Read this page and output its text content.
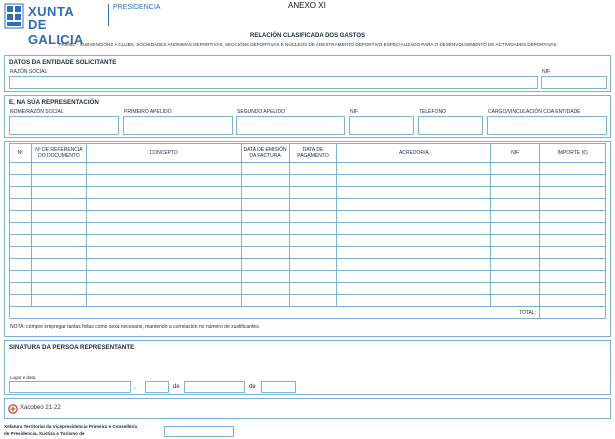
XUNTA
DE GALICIA
PRESIDENCIA	ANEXO XI
RELACIÓN CLASIFICADA DOS GASTOS
PR945C - SUBVENCIÓNS A CLUBS, SOCIEDADES ANÓNIMAS DEPORTIVAS, SECCIÓNS DEPORTIVAS E NÚCLEOS DE ADESTRAMENTO DEPORTIVO ESPECIALIZADO PARA O DESENVOLVEMENTO DE ACTIVIDADES DEPORTIVAS
DATOS DA ENTIDADE SOLICITANTE
RAZÓN SOCIAL	NIF
E, NA SÚA REPRESENTACIÓN
NOME/RAZÓN SOCIAL	PRIMEIRO APELIDO	SEGUNDO APELIDO	NIF	TELÉFONO	CARGO/VINCULACIÓN COA ENTIDADE
Nº	Nº DE REFERENCIA DO DOCUMENTO	CONCEPTO	DATA DE EMISIÓN DA FACTURA	DATA DE PAGAMENTO	ACREDOR/A	NIF	IMPORTE (€)

TOTAL:							
NOTA: cómpre empregar tantas follas como sexa necesario, mantendo a correlación no número de xustificantes.
SINATURA DA PERSOA REPRESENTANTE
Lugar e data
,	de	de
Xacobeo 21·22
Xefatura Territorial da Vicepresidencia Primeira e Consellería
de Presidencia, Xustiza e Turismo de
